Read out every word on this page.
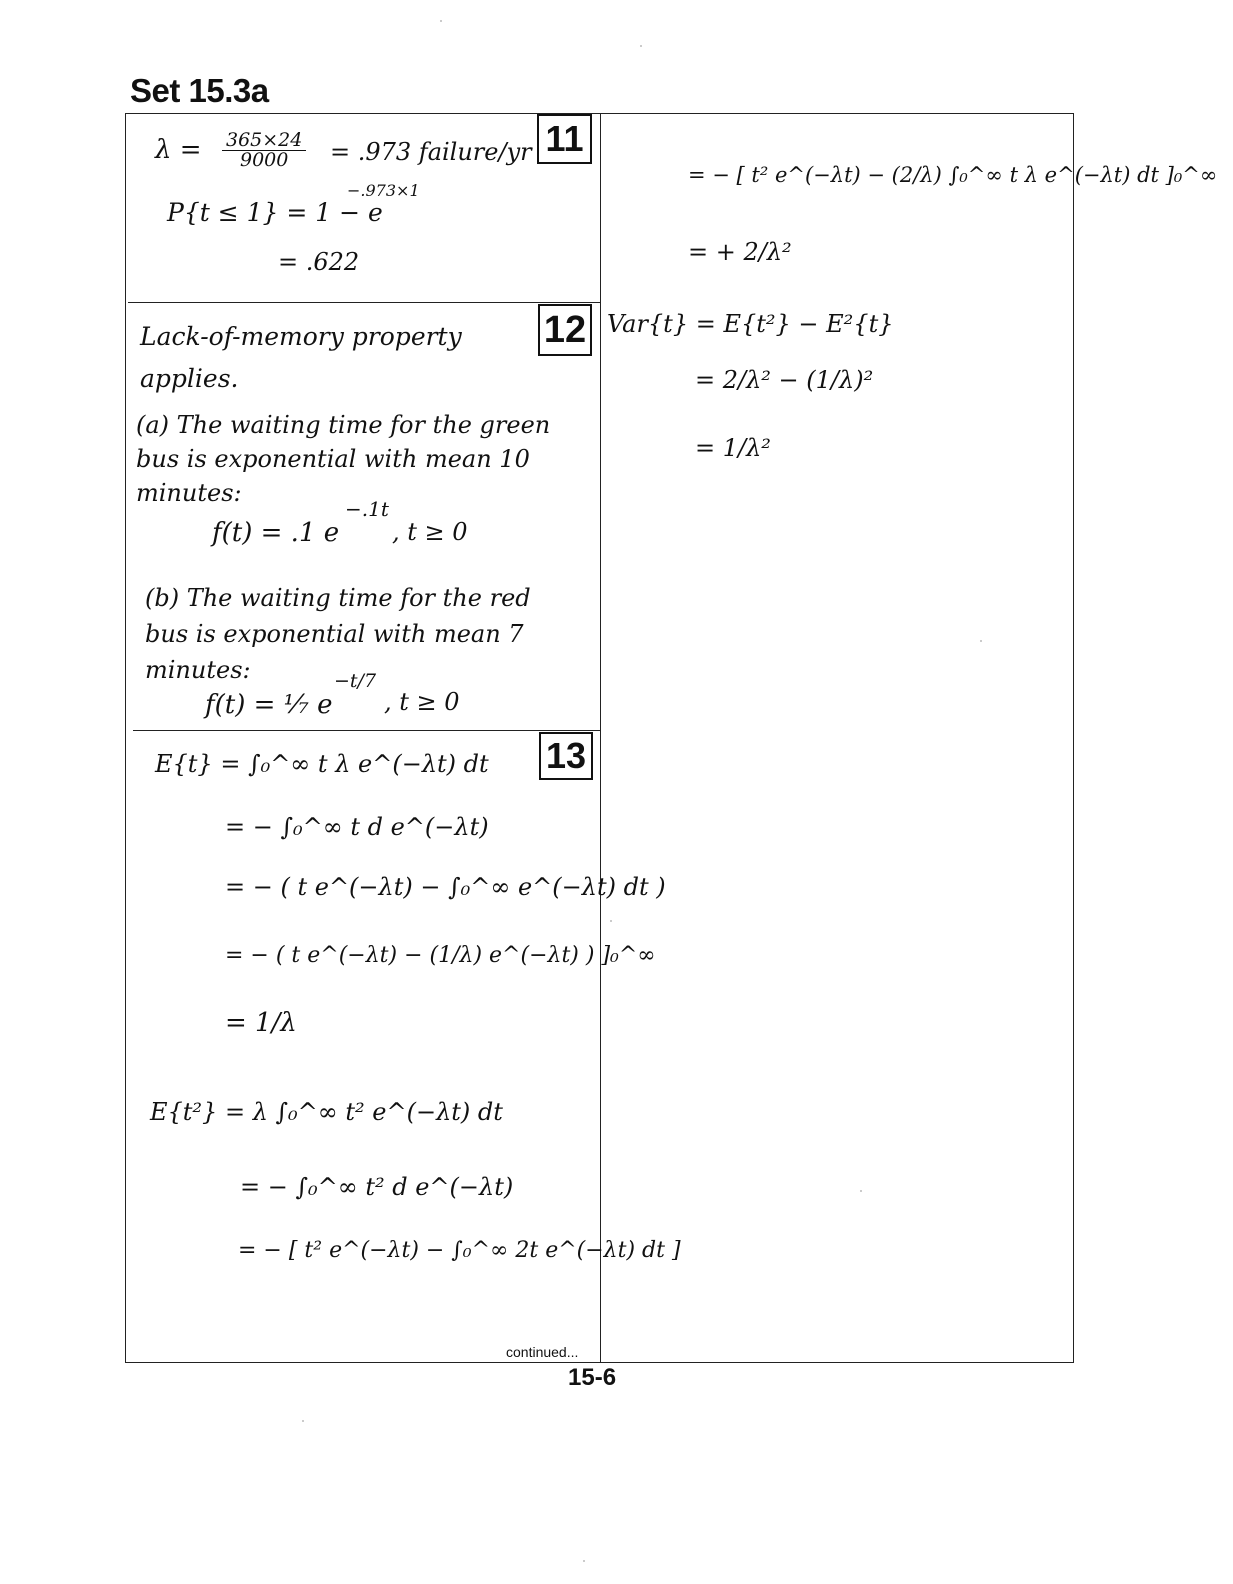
Set 15.3a
11
12
13
$\lambda = \frac{365\times 24}{9000} = .973$ failure/yr
P{t ≤ 1} = 1 − e
−.973×1
= .622
Lack-of-memory property applies.
(a) The waiting time for the green bus is exponential with mean 10 minutes:
f(t) = .1 e
−.1t
, t ≥ 0
(b) The waiting time for the red bus is exponential with mean 7 minutes:
f(t) = ⅐ e
−t/7
, t ≥ 0
E{t} = ∫₀^∞ t λ e^(−λt) dt
= − ∫₀^∞ t d e^(−λt)
= − ( t e^(−λt) − ∫₀^∞ e^(−λt) dt )
= − ( t e^(−λt) − (1/λ) e^(−λt) ) ]₀^∞
= 1/λ
E{t²} = λ ∫₀^∞ t² e^(−λt) dt
= − ∫₀^∞ t² d e^(−λt)
= − [ t² e^(−λt) − ∫₀^∞ 2t e^(−λt) dt ]
= − [ t² e^(−λt) − (2/λ) ∫₀^∞ t λ e^(−λt) dt ]₀^∞
= + 2/λ²
Var{t} = E{t²} − E²{t}
= 2/λ² − (1/λ)²
= 1/λ²
continued...
15-6
